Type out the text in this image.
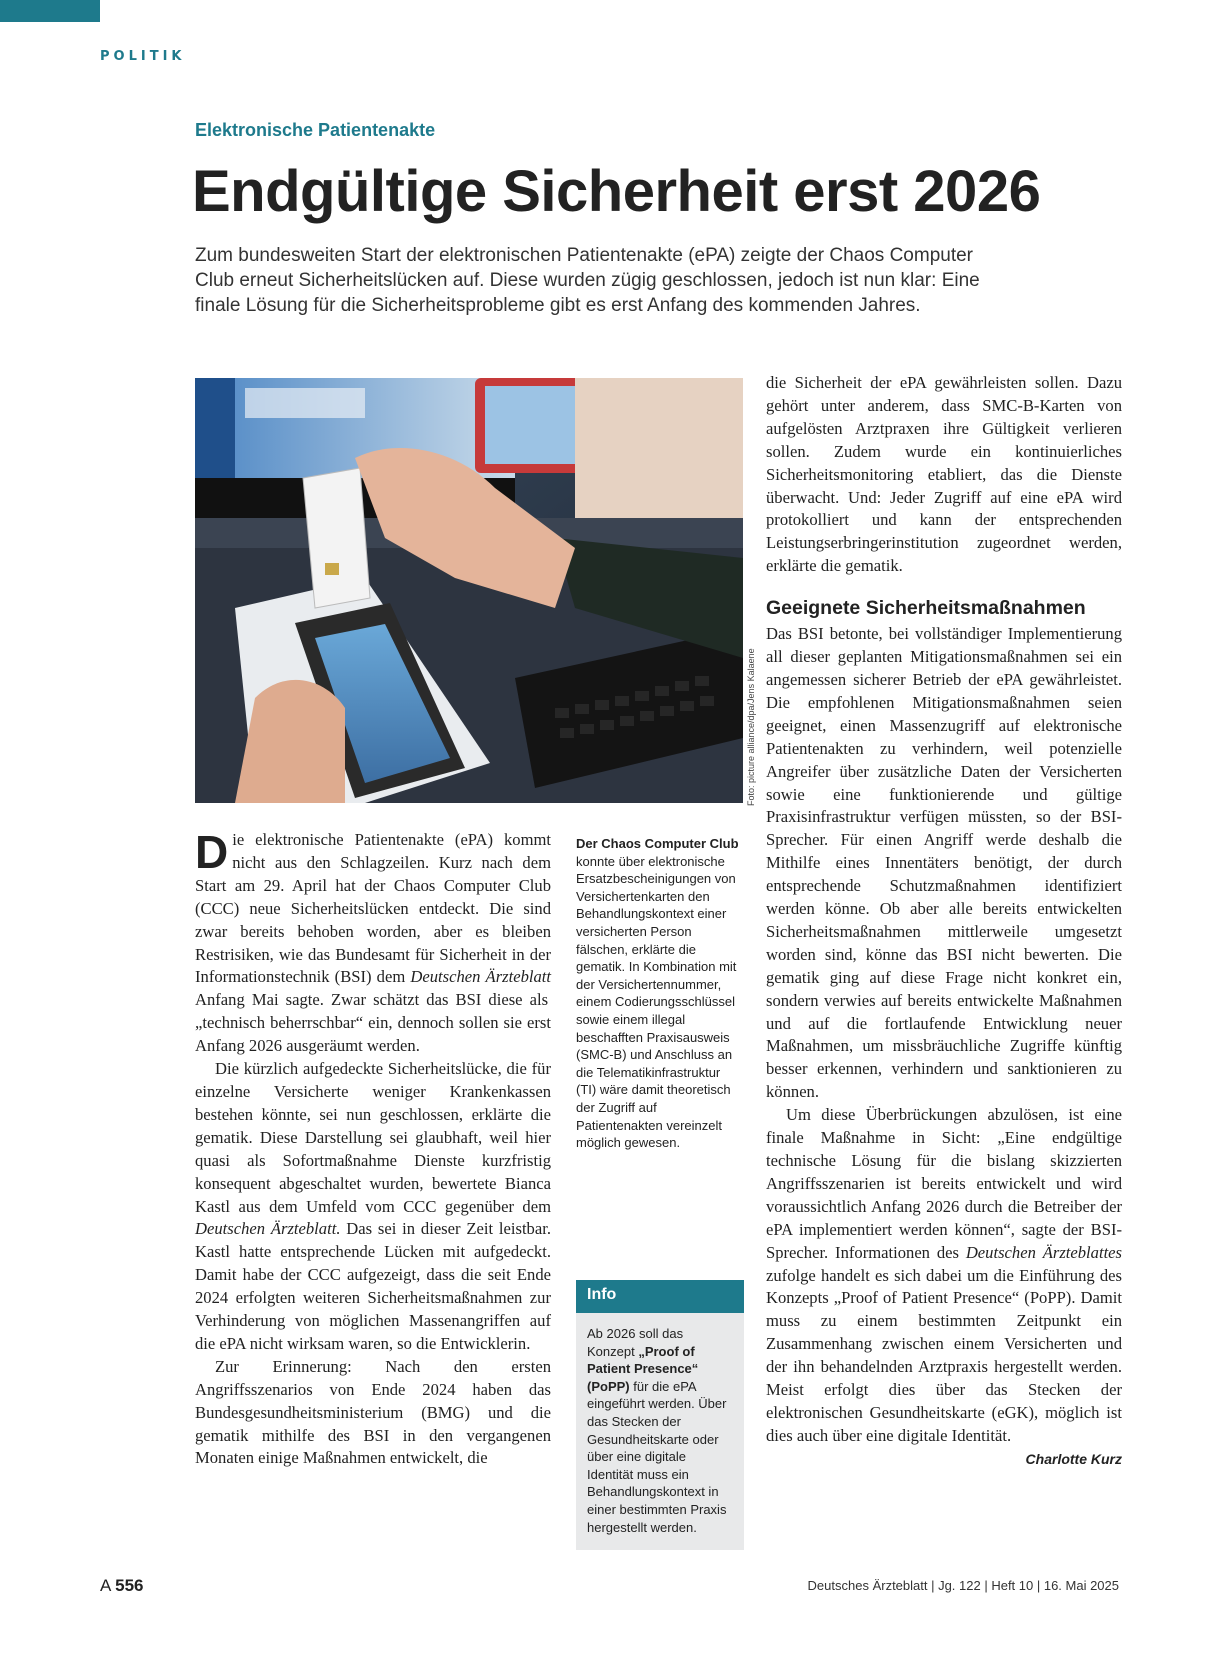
POLITIK
Elektronische Patientenakte
Endgültige Sicherheit erst 2026

Zum bundesweiten Start der elektronischen Patientenakte (ePA) zeigte der Chaos Computer Club erneut Sicherheitslücken auf. Diese wurden zügig geschlossen, jedoch ist nun klar: Eine finale Lösung für die Sicherheitsprobleme gibt es erst Anfang des kommenden Jahres.

Foto: picture alliance/dpa/Jens Kalaene

Die elektronische Patientenakte (ePA) kommt nicht aus den Schlagzeilen. Kurz nach dem Start am 29. April hat der Chaos Computer Club (CCC) neue Sicherheitslücken entdeckt. Die sind zwar bereits behoben worden, aber es bleiben Restrisiken, wie das Bundesamt für Sicherheit in der Informationstechnik (BSI) dem Deutschen Ärzteblatt Anfang Mai sagte. Zwar schätzt das BSI diese als „technisch beherrschbar“ ein, dennoch sollen sie erst Anfang 2026 ausgeräumt werden.

Die kürzlich aufgedeckte Sicherheitslücke, die für einzelne Versicherte weniger Krankenkassen bestehen könnte, sei nun geschlossen, erklärte die gematik. Diese Darstellung sei glaubhaft, weil hier quasi als Sofortmaßnahme Dienste kurzfristig konsequent abgeschaltet wurden, bewertete Bianca Kastl aus dem Umfeld vom CCC gegenüber dem Deutschen Ärzteblatt. Das sei in dieser Zeit leistbar. Kastl hatte entsprechende Lücken mit aufgedeckt. Damit habe der CCC aufgezeigt, dass die seit Ende 2024 erfolgten weiteren Sicherheitsmaßnahmen zur Verhinderung von möglichen Massenangriffen auf die ePA nicht wirksam waren, so die Entwicklerin.

Zur Erinnerung: Nach den ersten Angriffsszenarios von Ende 2024 haben das Bundesgesundheitsministerium (BMG) und die gematik mithilfe des BSI in den vergangenen Monaten einige Maßnahmen entwickelt, die

Der Chaos Computer Club konnte über elektronische Ersatzbescheinigungen von Versichertenkarten den Behandlungskontext einer versicherten Person fälschen, erklärte die gematik. In Kombination mit der Versichertennummer, einem Codierungsschlüssel sowie einem illegal beschafften Praxisausweis (SMC-B) und Anschluss an die Telematikinfrastruktur (TI) wäre damit theoretisch der Zugriff auf Patientenakten vereinzelt möglich gewesen.
Info
Ab 2026 soll das Konzept „Proof of Patient Presence“ (PoPP) für die ePA eingeführt werden. Über das Stecken der Gesundheitskarte oder über eine digitale Identität muss ein Behandlungskontext in einer bestimmten Praxis hergestellt werden.

die Sicherheit der ePA gewährleisten sollen. Dazu gehört unter anderem, dass SMC-B-Karten von aufgelösten Arztpraxen ihre Gültigkeit verlieren sollen. Zudem wurde ein kontinuierliches Sicherheitsmonitoring etabliert, das die Dienste überwacht. Und: Jeder Zugriff auf eine ePA wird protokolliert und kann der entsprechenden Leistungserbringerinstitution zugeordnet werden, erklärte die gematik.

Geeignete Sicherheitsmaßnahmen

Das BSI betonte, bei vollständiger Implementierung all dieser geplanten Mitigationsmaßnahmen sei ein angemessen sicherer Betrieb der ePA gewährleistet. Die empfohlenen Mitigationsmaßnahmen seien geeignet, einen Massenzugriff auf elektronische Patientenakten zu verhindern, weil potenzielle Angreifer über zusätzliche Daten der Versicherten sowie eine funktionierende und gültige Praxisinfrastruktur verfügen müssten, so der BSI-Sprecher. Für einen Angriff werde deshalb die Mithilfe eines Innentäters benötigt, der durch entsprechende Schutzmaßnahmen identifiziert werden könne. Ob aber alle bereits entwickelten Sicherheitsmaßnahmen mittlerweile umgesetzt worden sind, könne das BSI nicht bewerten. Die gematik ging auf diese Frage nicht konkret ein, sondern verwies auf bereits entwickelte Maßnahmen und auf die fortlaufende Entwicklung neuer Maßnahmen, um missbräuchliche Zugriffe künftig besser erkennen, verhindern und sanktionieren zu können.

Um diese Überbrückungen abzulösen, ist eine finale Maßnahme in Sicht: „Eine endgültige technische Lösung für die bislang skizzierten Angriffsszenarien ist bereits entwickelt und wird voraussichtlich Anfang 2026 durch die Betreiber der ePA implementiert werden können“, sagte der BSI-Sprecher. Informationen des Deutschen Ärzteblattes zufolge handelt es sich dabei um die Einführung des Konzepts „Proof of Patient Presence“ (PoPP). Damit muss zu einem bestimmten Zeitpunkt ein Zusammenhang zwischen einem Versicherten und der ihn behandelnden Arztpraxis hergestellt werden. Meist erfolgt dies über das Stecken der elektronischen Gesundheitskarte (eGK), möglich ist dies auch über eine digitale Identität.
Charlotte Kurz

A 556	Deutsches Ärzteblatt | Jg. 122 | Heft 10 | 16. Mai 2025
